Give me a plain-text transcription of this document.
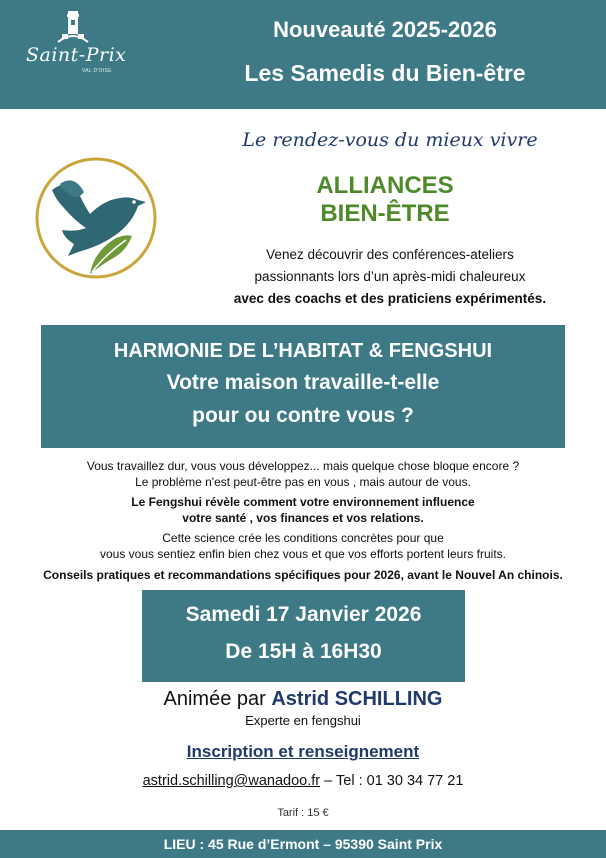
Saint-Prix
VAL D'OISE
Nouveauté 2025-2026
Les Samedis du Bien-être
Le rendez-vous du mieux vivre
ALLIANCES
BIEN-ÊTRE
Venez découvrir des conférences-ateliers
passionnants lors d’un après-midi chaleureux
avec des coachs et des praticiens expérimentés.
HARMONIE DE L’HABITAT & FENGSHUI
Votre maison travaille-t-elle
pour ou contre vous ?
Vous travaillez dur, vous vous développez... mais quelque chose bloque encore ?
Le problème n'est peut-être pas en vous , mais autour de vous.
Le Fengshui révèle comment votre environnement influence
votre santé , vos finances et vos relations.
Cette science crée les conditions concrètes pour que
vous vous sentiez enfin bien chez vous et que vos efforts portent leurs fruits.
Conseils pratiques et recommandations spécifiques pour 2026, avant le Nouvel An chinois.
Samedi 17 Janvier 2026
De 15H à 16H30
Animée par Astrid SCHILLING
Experte en fengshui
Inscription et renseignement
astrid.schilling@wanadoo.fr – Tel : 01 30 34 77 21
Tarif : 15 €
LIEU : 45 Rue d’Ermont – 95390 Saint Prix
